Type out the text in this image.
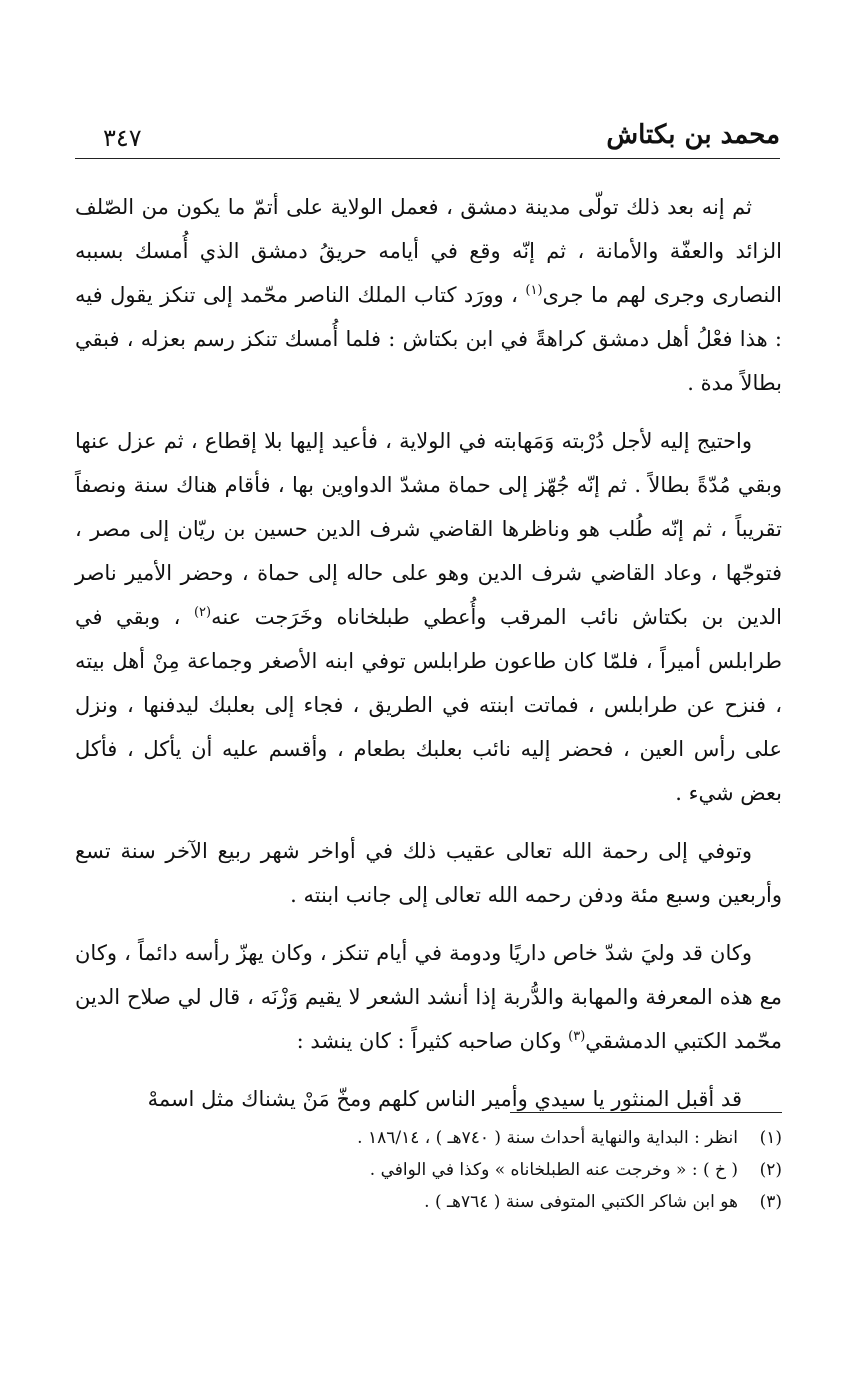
محمد بن بكتاش
٣٤٧

ثم إنه بعد ذلك تولّى مدينة دمشق ، فعمل الولاية على أتمّ ما يكون من الصّلف الزائد والعفّة والأمانة ، ثم إنّه وقع في أيامه حريقُ دمشق الذي أُمسك بسببه النصارى وجرى لهم ما جرى$^{(١)}$ ، وورَد كتاب الملك الناصر محّمد إلى تنكز يقول فيه : هذا فعْلُ أهل دمشق كراهةً في ابن بكتاش : فلما أُمسك تنكز رسم بعزله ، فبقي بطالاً مدة .

واحتيج إليه لأجل دُرْبته وَمَهابته في الولاية ، فأعيد إليها بلا إقطاع ، ثم عزل عنها وبقي مُدّةً بطالاً . ثم إنّه جُهّز إلى حماة مشدّ الدواوين بها ، فأقام هناك سنة ونصفاً تقريباً ، ثم إنّه طُلب هو وناظرها القاضي شرف الدين حسين بن ريّان إلى مصر ، فتوجّها ، وعاد القاضي شرف الدين وهو على حاله إلى حماة ، وحضر الأمير ناصر الدين بن بكتاش نائب المرقب وأُعطي طبلخاناه وخَرَجت عنه$^{(٢)}$ ، وبقي في طرابلس أميراً ، فلمّا كان طاعون طرابلس توفي ابنه الأصغر وجماعة مِنْ أهل بيته ، فنزح عن طرابلس ، فماتت ابنته في الطريق ، فجاء إلى بعلبك ليدفنها ، ونزل على رأس العين ، فحضر إليه نائب بعلبك بطعام ، وأقسم عليه أن يأكل ، فأكل بعض شيء .

وتوفي إلى رحمة الله تعالى عقيب ذلك في أواخر شهر ربيع الآخر سنة تسع وأربعين وسبع مئة ودفن رحمه الله تعالى إلى جانب ابنته .

وكان قد وليَ شدّ خاص داريًا ودومة في أيام تنكز ، وكان يهزّ رأسه دائماً ، وكان مع هذه المعرفة والمهابة والدُّربة إذا أنشد الشعر لا يقيم وَزْنَه ، قال لي صلاح الدين محّمد الكتبي الدمشقي$^{(٣)}$ وكان صاحبه كثيراً : كان ينشد :

قد أقبل المنثور يا سيدي وأمير الناس كلهم ومخّ مَنْ يشناك مثل اسمهْ
(١)
انظر : البداية والنهاية أحداث سنة ( ٧٤٠هـ ) ، ١٨٦/١٤ .
(٢)
( خ ) : « وخرجت عنه الطبلخاناه » وكذا في الوافي .
(٣)
هو ابن شاكر الكتبي المتوفى سنة ( ٧٦٤هـ ) .
